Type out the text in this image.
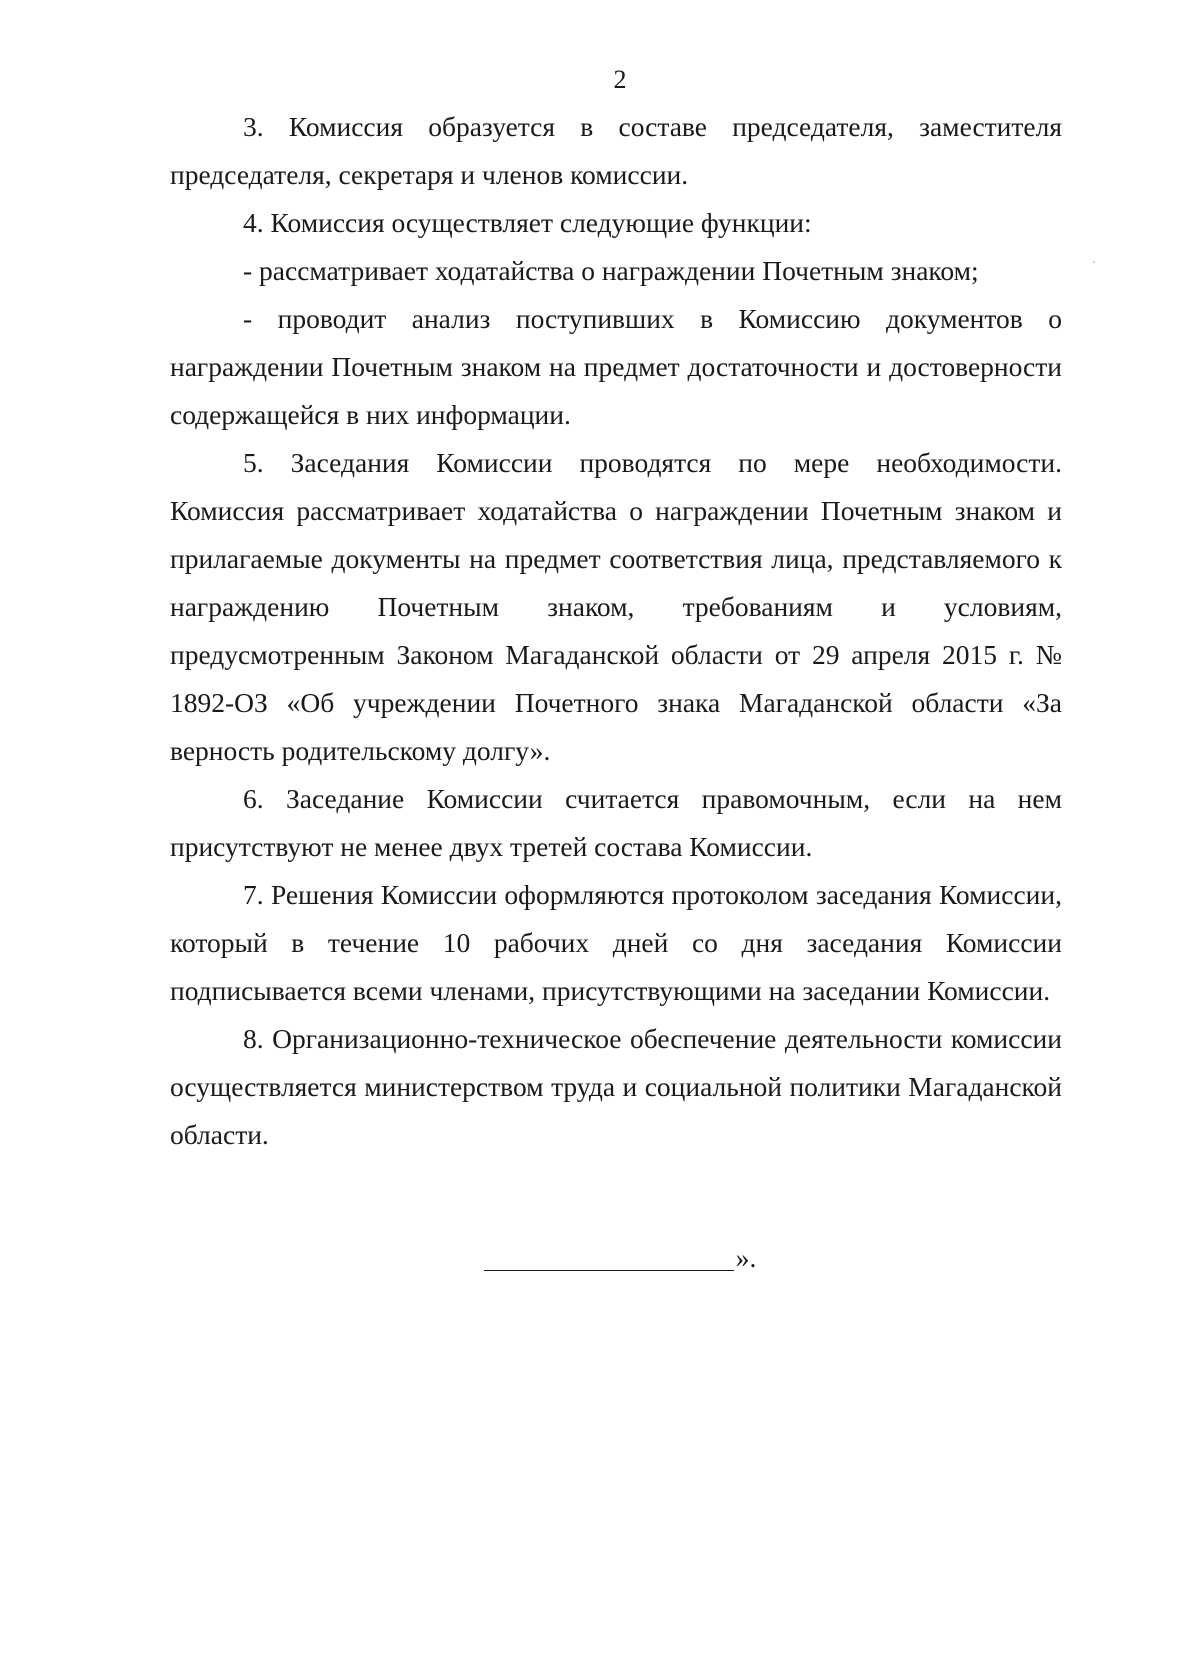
2

3. Комиссия образуется в составе председателя, заместителя председателя, секретаря и членов комиссии.

4. Комиссия осуществляет следующие функции:

- рассматривает ходатайства о награждении Почетным знаком;

- проводит анализ поступивших в Комиссию документов о награждении Почетным знаком на предмет достаточности и достоверности содержащейся в них информации.

5. Заседания Комиссии проводятся по мере необходимости. Комиссия рассматривает ходатайства о награждении Почетным знаком и прилагаемые документы на предмет соответствия лица, представляемого к награждению Почетным знаком, требованиям и условиям, предусмотренным Законом Магаданской области от 29 апреля 2015 г. № 1892-ОЗ «Об учреждении Почетного знака Магаданской области «За верность родительскому долгу».

6. Заседание Комиссии считается правомочным, если на нем присутствуют не менее двух третей состава Комиссии.

7. Решения Комиссии оформляются протоколом заседания Комиссии, который в течение 10 рабочих дней со дня заседания Комиссии подписывается всеми членами, присутствующими на заседании Комиссии.

8. Организационно-техническое обеспечение деятельности комиссии осуществляется министерством труда и социальной политики Магаданской области.

».
